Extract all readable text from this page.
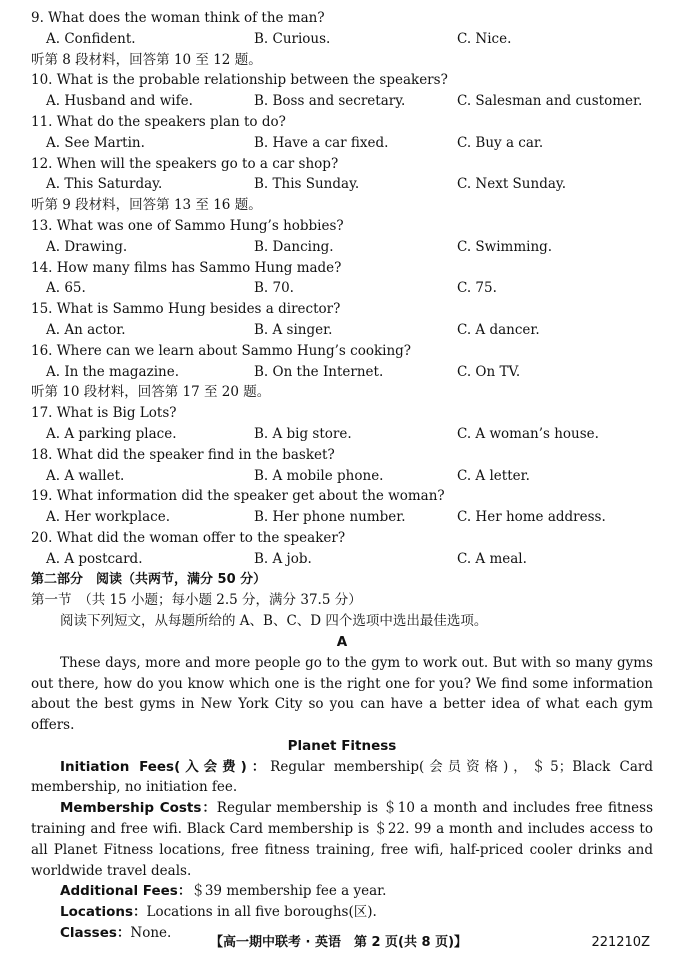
9. What does the woman think of the man?
A. Confident.	B. Curious.	C. Nice.
听第 8 段材料，回答第 10 至 12 题。
10. What is the probable relationship between the speakers?
A. Husband and wife.	B. Boss and secretary.	C. Salesman and customer.
11. What do the speakers plan to do?
A. See Martin.	B. Have a car fixed.	C. Buy a car.
12. When will the speakers go to a car shop?
A. This Saturday.	B. This Sunday.	C. Next Sunday.
听第 9 段材料，回答第 13 至 16 题。
13. What was one of Sammo Hung’s hobbies?
A. Drawing.	B. Dancing.	C. Swimming.
14. How many films has Sammo Hung made?
A. 65.	B. 70.	C. 75.
15. What is Sammo Hung besides a director?
A. An actor.	B. A singer.	C. A dancer.
16. Where can we learn about Sammo Hung’s cooking?
A. In the magazine.	B. On the Internet.	C. On TV.
听第 10 段材料，回答第 17 至 20 题。
17. What is Big Lots?
A. A parking place.	B. A big store.	C. A woman’s house.
18. What did the speaker find in the basket?
A. A wallet.	B. A mobile phone.	C. A letter.
19. What information did the speaker get about the woman?
A. Her workplace.	B. Her phone number.	C. Her home address.
20. What did the woman offer to the speaker?
A. A postcard.	B. A job.	C. A meal.
第二部分　阅读（共两节，满分 50 分）
第一节　（共 15 小题；每小题 2.5 分，满分 37.5 分）
阅读下列短文，从每题所给的 A、B、C、D 四个选项中选出最佳选项。
A

These days, more and more people go to the gym to work out. But with so many gyms out there, how do you know which one is the right one for you? We find some information about the best gyms in New York City so you can have a better idea of what each gym offers.

Planet Fitness

Initiation Fees(入会费)：Regular membership(会员资格)，＄5；Black Card membership, no initiation fee.

Membership Costs：Regular membership is ＄10 a month and includes free fitness training and free wifi. Black Card membership is ＄22. 99 a month and includes access to all Planet Fitness locations, free fitness training, free wifi, half-priced cooler drinks and worldwide travel deals.

Additional Fees：＄39 membership fee a year.

Locations：Locations in all five boroughs(区).

Classes：None.

【高一期中联考 · 英语　第 2 页(共 8 页)】	221210Z
